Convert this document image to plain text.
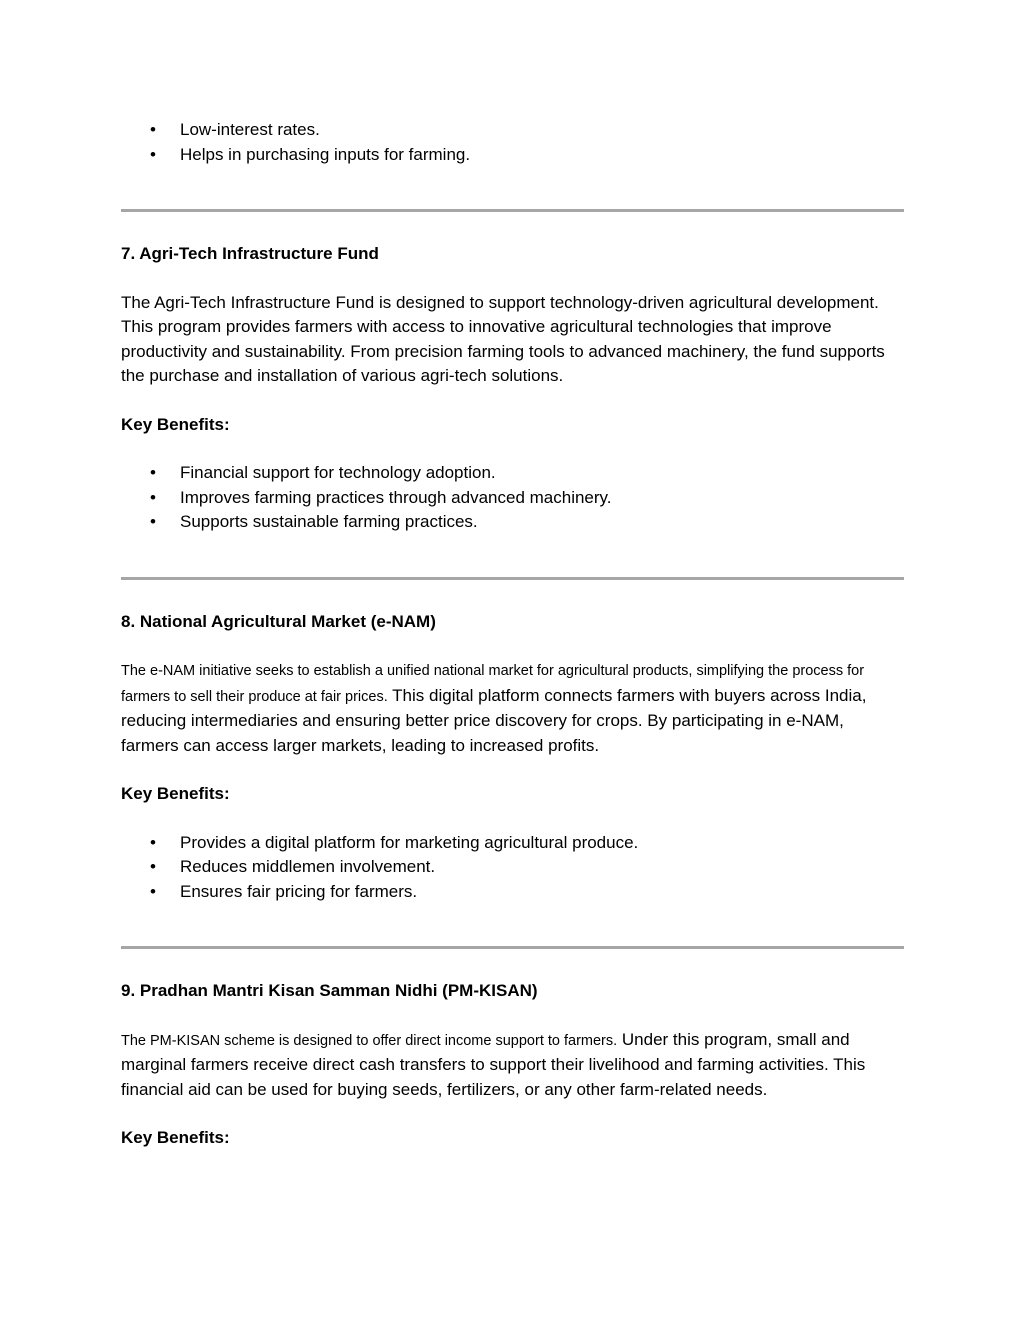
• Low-interest rates.
• Helps in purchasing inputs for farming.
7. Agri-Tech Infrastructure Fund

The Agri-Tech Infrastructure Fund is designed to support technology-driven agricultural development. This program provides farmers with access to innovative agricultural technologies that improve productivity and sustainability. From precision farming tools to advanced machinery, the fund supports the purchase and installation of various agri-tech solutions.

Key Benefits:

• Financial support for technology adoption.
• Improves farming practices through advanced machinery.
• Supports sustainable farming practices.
8. National Agricultural Market (e-NAM)

The e-NAM initiative seeks to establish a unified national market for agricultural products, simplifying the process for farmers to sell their produce at fair prices. This digital platform connects farmers with buyers across India, reducing intermediaries and ensuring better price discovery for crops. By participating in e-NAM, farmers can access larger markets, leading to increased profits.

Key Benefits:

• Provides a digital platform for marketing agricultural produce.
• Reduces middlemen involvement.
• Ensures fair pricing for farmers.
9. Pradhan Mantri Kisan Samman Nidhi (PM-KISAN)

The PM-KISAN scheme is designed to offer direct income support to farmers. Under this program, small and marginal farmers receive direct cash transfers to support their livelihood and farming activities. This financial aid can be used for buying seeds, fertilizers, or any other farm-related needs.

Key Benefits:
